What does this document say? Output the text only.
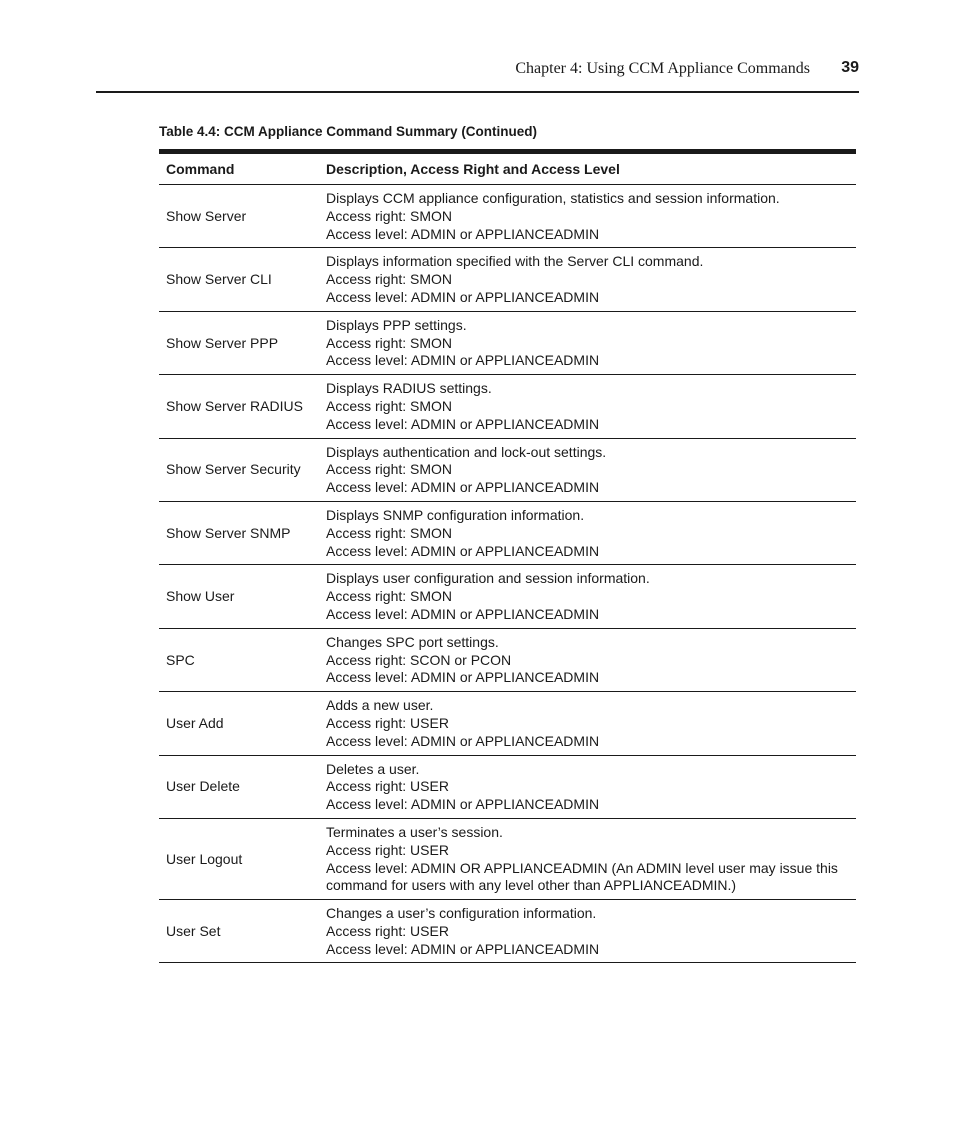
Chapter 4: Using CCM Appliance Commands 39
Table 4.4: CCM Appliance Command Summary (Continued)
Command	Description, Access Right and Access Level
Show Server	Displays CCM appliance configuration, statistics and session information.
Access right: SMON
Access level: ADMIN or APPLIANCEADMIN

Show Server CLI	Displays information specified with the Server CLI command.
Access right: SMON
Access level: ADMIN or APPLIANCEADMIN

Show Server PPP	Displays PPP settings.
Access right: SMON
Access level: ADMIN or APPLIANCEADMIN

Show Server RADIUS	Displays RADIUS settings.
Access right: SMON
Access level: ADMIN or APPLIANCEADMIN

Show Server Security	Displays authentication and lock-out settings.
Access right: SMON
Access level: ADMIN or APPLIANCEADMIN

Show Server SNMP	Displays SNMP configuration information.
Access right: SMON
Access level: ADMIN or APPLIANCEADMIN

Show User	Displays user configuration and session information.
Access right: SMON
Access level: ADMIN or APPLIANCEADMIN

SPC	Changes SPC port settings.
Access right: SCON or PCON
Access level: ADMIN or APPLIANCEADMIN

User Add	Adds a new user.
Access right: USER
Access level: ADMIN or APPLIANCEADMIN

User Delete	Deletes a user.
Access right: USER
Access level: ADMIN or APPLIANCEADMIN

User Logout	Terminates a user’s session.
Access right: USER
Access level: ADMIN OR APPLIANCEADMIN (An ADMIN level user may issue this command for users with any level other than APPLIANCEADMIN.)

User Set	Changes a user’s configuration information.
Access right: USER
Access level: ADMIN or APPLIANCEADMIN
